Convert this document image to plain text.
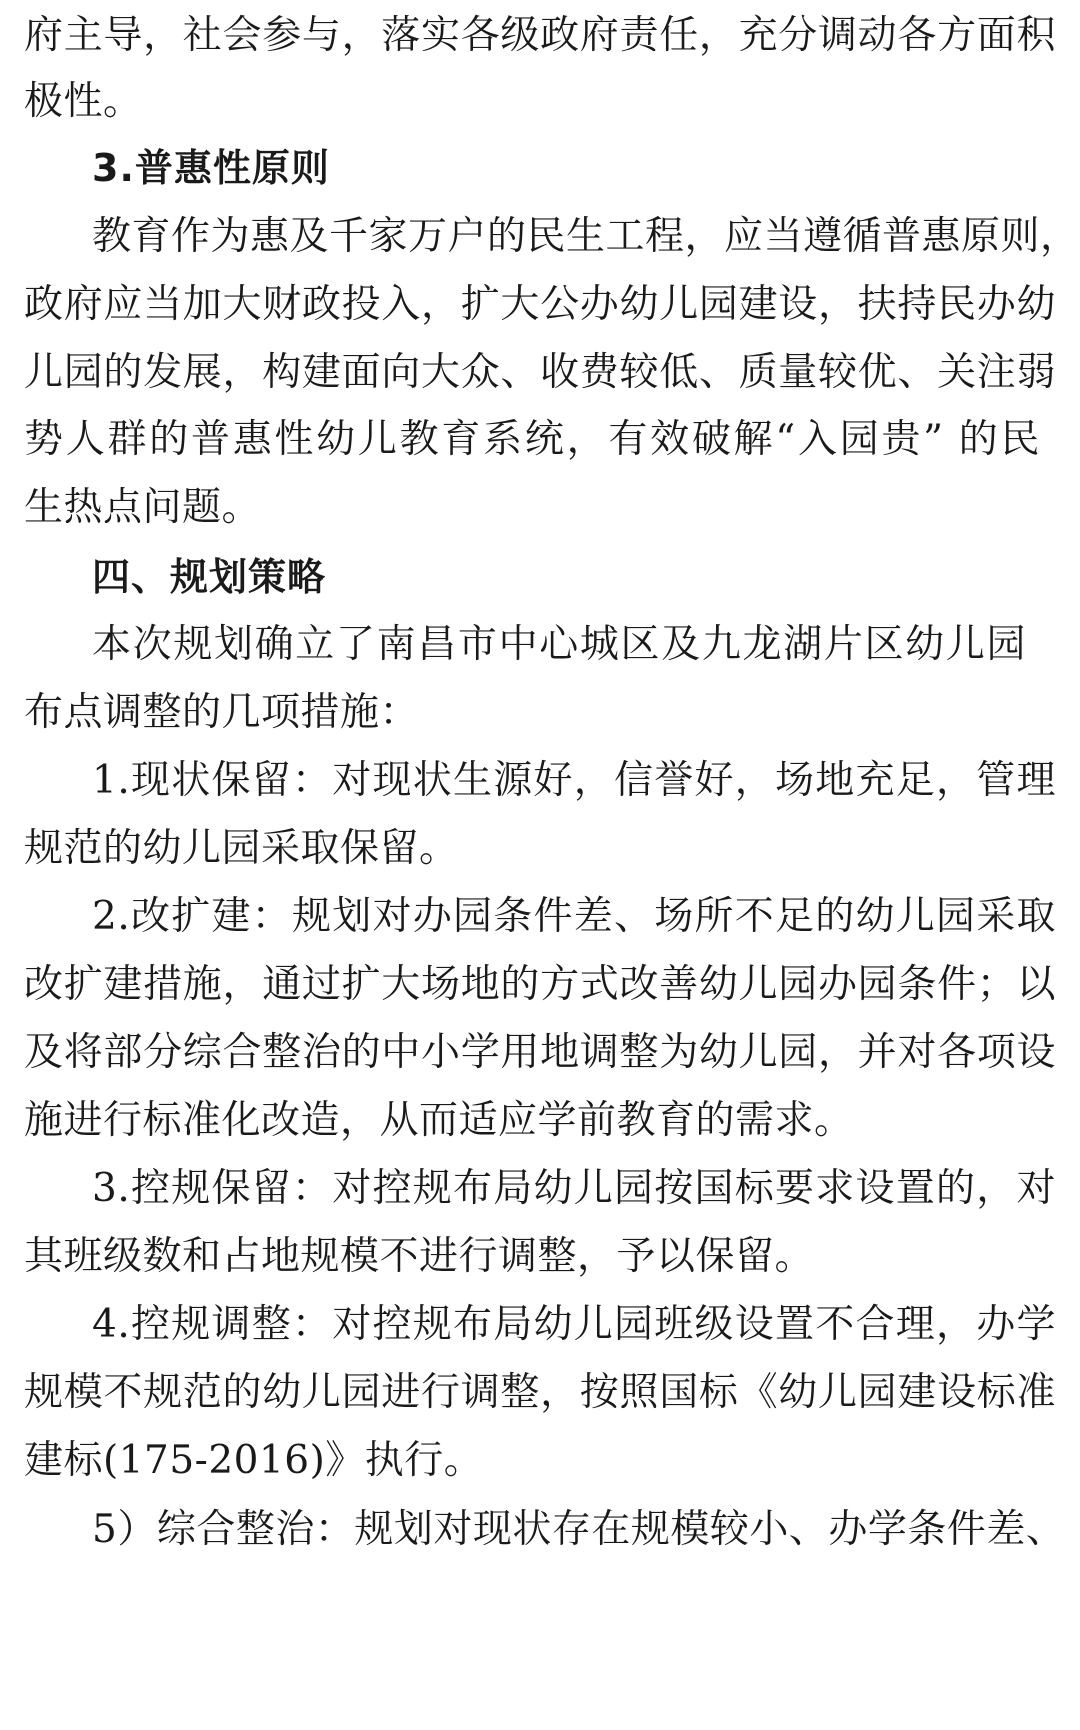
府主导，社会参与，落实各级政府责任，充分调动各方面积
极性。
3.普惠性原则
教育作为惠及千家万户的民生工程，应当遵循普惠原则，
政府应当加大财政投入，扩大公办幼儿园建设，扶持民办幼
儿园的发展，构建面向大众、收费较低、质量较优、关注弱
势人群的普惠性幼儿教育系统，有效破解“入园贵” 的民
生热点问题。
四、规划策略
本次规划确立了南昌市中心城区及九龙湖片区幼儿园
布点调整的几项措施：
1.现状保留：对现状生源好，信誉好，场地充足，管理
规范的幼儿园采取保留。
2.改扩建：规划对办园条件差、场所不足的幼儿园采取
改扩建措施，通过扩大场地的方式改善幼儿园办园条件；以
及将部分综合整治的中小学用地调整为幼儿园，并对各项设
施进行标准化改造，从而适应学前教育的需求。
3.控规保留：对控规布局幼儿园按国标要求设置的，对
其班级数和占地规模不进行调整，予以保留。
4.控规调整：对控规布局幼儿园班级设置不合理，办学
规模不规范的幼儿园进行调整，按照国标《幼儿园建设标准
建标(175-2016)》执行。
5）综合整治：规划对现状存在规模较小、办学条件差、
